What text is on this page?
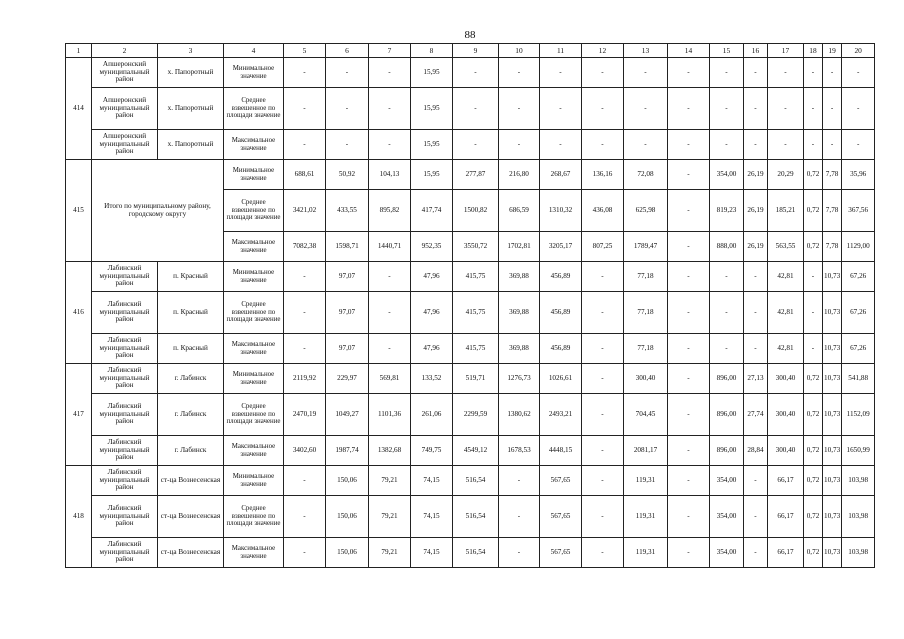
88
1	2	3	4	5	6	7	8	9	10	11	12	13	14	15	16	17	18	19	20
414	Апшеронский муниципальный район	х. Папоротный	Минимальное значение	-	-	-	15,95	-	-	-	-	-	-	-	-	-	-	-	-
	Апшеронский муниципальный район	х. Папоротный	Среднее взвешенное по площади значение	-	-	-	15,95	-	-	-	-	-	-	-	-	-	-	-	-
	Апшеронский муниципальный район	х. Папоротный	Максимальное значение	-	-	-	15,95	-	-	-	-	-	-	-	-	-	-	-	-
415	Итого по муниципальному району, городскому округу		Минимальное значение	688,61	50,92	104,13	15,95	277,87	216,80	268,67	136,16	72,08	-	354,00	26,19	20,29	0,72	7,78	35,96
			Среднее взвешенное по площади значение	3421,02	433,55	895,82	417,74	1500,82	686,59	1310,32	436,08	625,98	-	819,23	26,19	185,21	0,72	7,78	367,56
			Максимальное значение	7082,38	1598,71	1440,71	952,35	3550,72	1702,81	3205,17	807,25	1789,47	-	888,00	26,19	563,55	0,72	7,78	1129,00
416	Лабинский муниципальный район	п. Красный	Минимальное значение	-	97,07	-	47,96	415,75	369,88	456,89	-	77,18	-	-	-	42,81	-	10,73	67,26
	Лабинский муниципальный район	п. Красный	Среднее взвешенное по площади значение	-	97,07	-	47,96	415,75	369,88	456,89	-	77,18	-	-	-	42,81	-	10,73	67,26
	Лабинский муниципальный район	п. Красный	Максимальное значение	-	97,07	-	47,96	415,75	369,88	456,89	-	77,18	-	-	-	42,81	-	10,73	67,26
417	Лабинский муниципальный район	г. Лабинск	Минимальное значение	2119,92	229,97	569,81	133,52	519,71	1276,73	1026,61	-	300,40	-	896,00	27,13	300,40	0,72	10,73	541,88
	Лабинский муниципальный район	г. Лабинск	Среднее взвешенное по площади значение	2470,19	1049,27	1101,36	261,06	2299,59	1380,62	2493,21	-	704,45	-	896,00	27,74	300,40	0,72	10,73	1152,09
	Лабинский муниципальный район	г. Лабинск	Максимальное значение	3402,60	1987,74	1382,68	749,75	4549,12	1678,53	4448,15	-	2081,17	-	896,00	28,84	300,40	0,72	10,73	1650,99
418	Лабинский муниципальный район	ст-ца Вознесенская	Минимальное значение	-	150,06	79,21	74,15	516,54	-	567,65	-	119,31	-	354,00	-	66,17	0,72	10,73	103,98
	Лабинский муниципальный район	ст-ца Вознесенская	Среднее взвешенное по площади значение	-	150,06	79,21	74,15	516,54	-	567,65	-	119,31	-	354,00	-	66,17	0,72	10,73	103,98
	Лабинский муниципальный район	ст-ца Вознесенская	Максимальное значение	-	150,06	79,21	74,15	516,54	-	567,65	-	119,31	-	354,00	-	66,17	0,72	10,73	103,98
